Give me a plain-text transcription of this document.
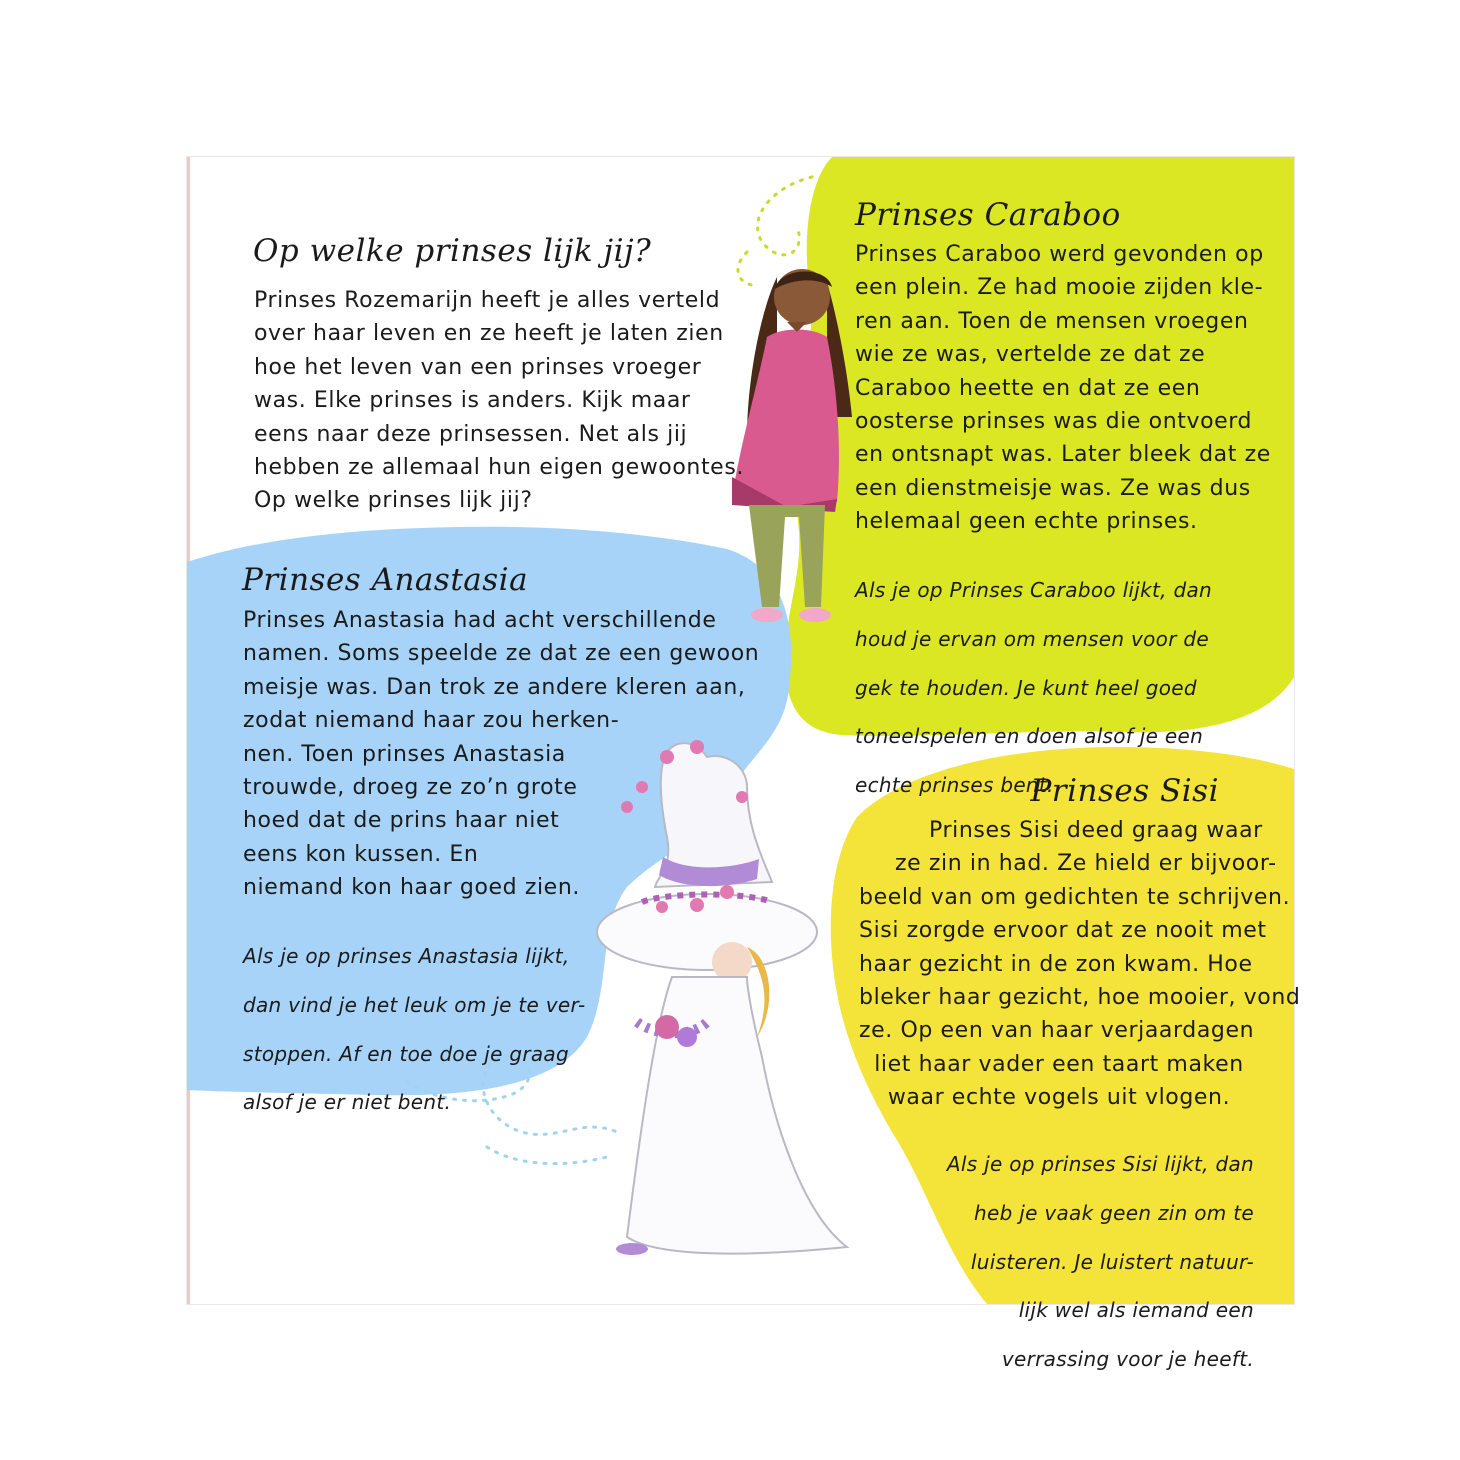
Op welke prinses lijk jij?

Prinses Rozemarijn heeft je alles verteld

over haar leven en ze heeft je laten zien

hoe het leven van een prinses vroeger

was. Elke prinses is anders. Kijk maar

eens naar deze prinsessen. Net als jij

hebben ze allemaal hun eigen gewoontes.

Op welke prinses lijk jij?

Prinses Caraboo

Prinses Caraboo werd gevonden op

een plein. Ze had mooie zijden kle-

ren aan. Toen de mensen vroegen

wie ze was, vertelde ze dat ze

Caraboo heette en dat ze een

oosterse prinses was die ontvoerd

en ontsnapt was. Later bleek dat ze

een dienstmeisje was. Ze was dus

helemaal geen echte prinses.

Als je op Prinses Caraboo lijkt, dan

houd je ervan om mensen voor de

gek te houden. Je kunt heel goed

toneelspelen en doen alsof je een

echte prinses bent.

Prinses Anastasia

Prinses Anastasia had acht verschillende

namen. Soms speelde ze dat ze een gewoon

meisje was. Dan trok ze andere kleren aan,

zodat niemand haar zou herken-

nen. Toen prinses Anastasia

trouwde, droeg ze zo’n grote

hoed dat de prins haar niet

eens kon kussen. En

niemand kon haar goed zien.

Als je op prinses Anastasia lijkt,

dan vind je het leuk om je te ver-

stoppen. Af en toe doe je graag

alsof je er niet bent.

Prinses Sisi

Prinses Sisi deed graag waar

ze zin in had. Ze hield er bijvoor-

beeld van om gedichten te schrijven.

Sisi zorgde ervoor dat ze nooit met

haar gezicht in de zon kwam. Hoe

bleker haar gezicht, hoe mooier, vond

ze. Op een van haar verjaardagen

liet haar vader een taart maken

waar echte vogels uit vlogen.

Als je op prinses Sisi lijkt, dan

heb je vaak geen zin om te

luisteren. Je luistert natuur-

lijk wel als iemand een

verrassing voor je heeft.
